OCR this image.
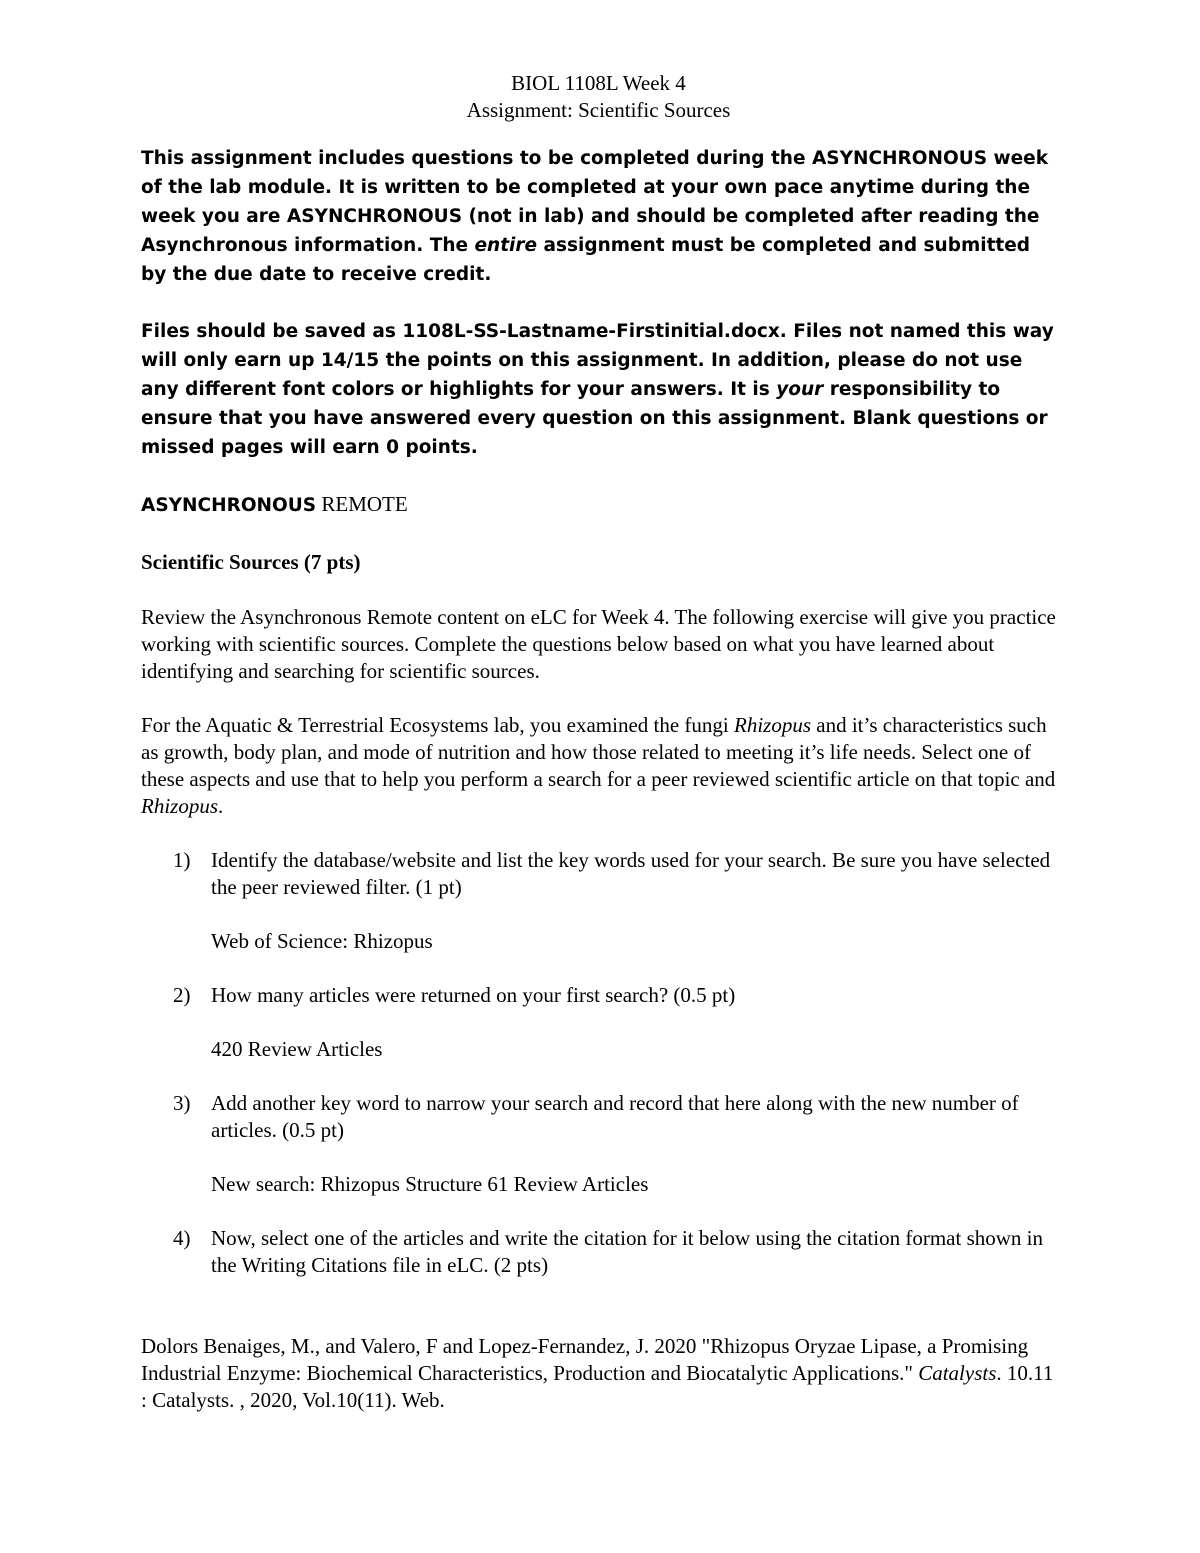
BIOL 1108L Week 4
Assignment: Scientific Sources

This assignment includes questions to be completed during the ASYNCHRONOUS week of the lab module. It is written to be completed at your own pace anytime during the week you are ASYNCHRONOUS (not in lab) and should be completed after reading the Asynchronous information. The entire assignment must be completed and submitted by the due date to receive credit.

Files should be saved as 1108L-SS-Lastname-Firstinitial.docx. Files not named this way will only earn up 14/15 the points on this assignment. In addition, please do not use any different font colors or highlights for your answers. It is your responsibility to ensure that you have answered every question on this assignment. Blank questions or missed pages will earn 0 points.

ASYNCHRONOUS REMOTE

Scientific Sources (7 pts)

Review the Asynchronous Remote content on eLC for Week 4. The following exercise will give you practice working with scientific sources. Complete the questions below based on what you have learned about identifying and searching for scientific sources.

For the Aquatic & Terrestrial Ecosystems lab, you examined the fungi Rhizopus and it’s characteristics such as growth, body plan, and mode of nutrition and how those related to meeting it’s life needs. Select one of these aspects and use that to help you perform a search for a peer reviewed scientific article on that topic and Rhizopus.

1) Identify the database/website and list the key words used for your search. Be sure you have selected the peer reviewed filter. (1 pt)
Web of Science: Rhizopus
2) How many articles were returned on your first search? (0.5 pt)
420 Review Articles
3) Add another key word to narrow your search and record that here along with the new number of articles. (0.5 pt)
New search: Rhizopus Structure 61 Review Articles
4) Now, select one of the articles and write the citation for it below using the citation format shown in the Writing Citations file in eLC. (2 pts)

Dolors Benaiges, M., and Valero, F and Lopez-Fernandez, J. 2020 "Rhizopus Oryzae Lipase, a Promising Industrial Enzyme: Biochemical Characteristics, Production and Biocatalytic Applications." Catalysts. 10.11 : Catalysts. , 2020, Vol.10(11). Web.
